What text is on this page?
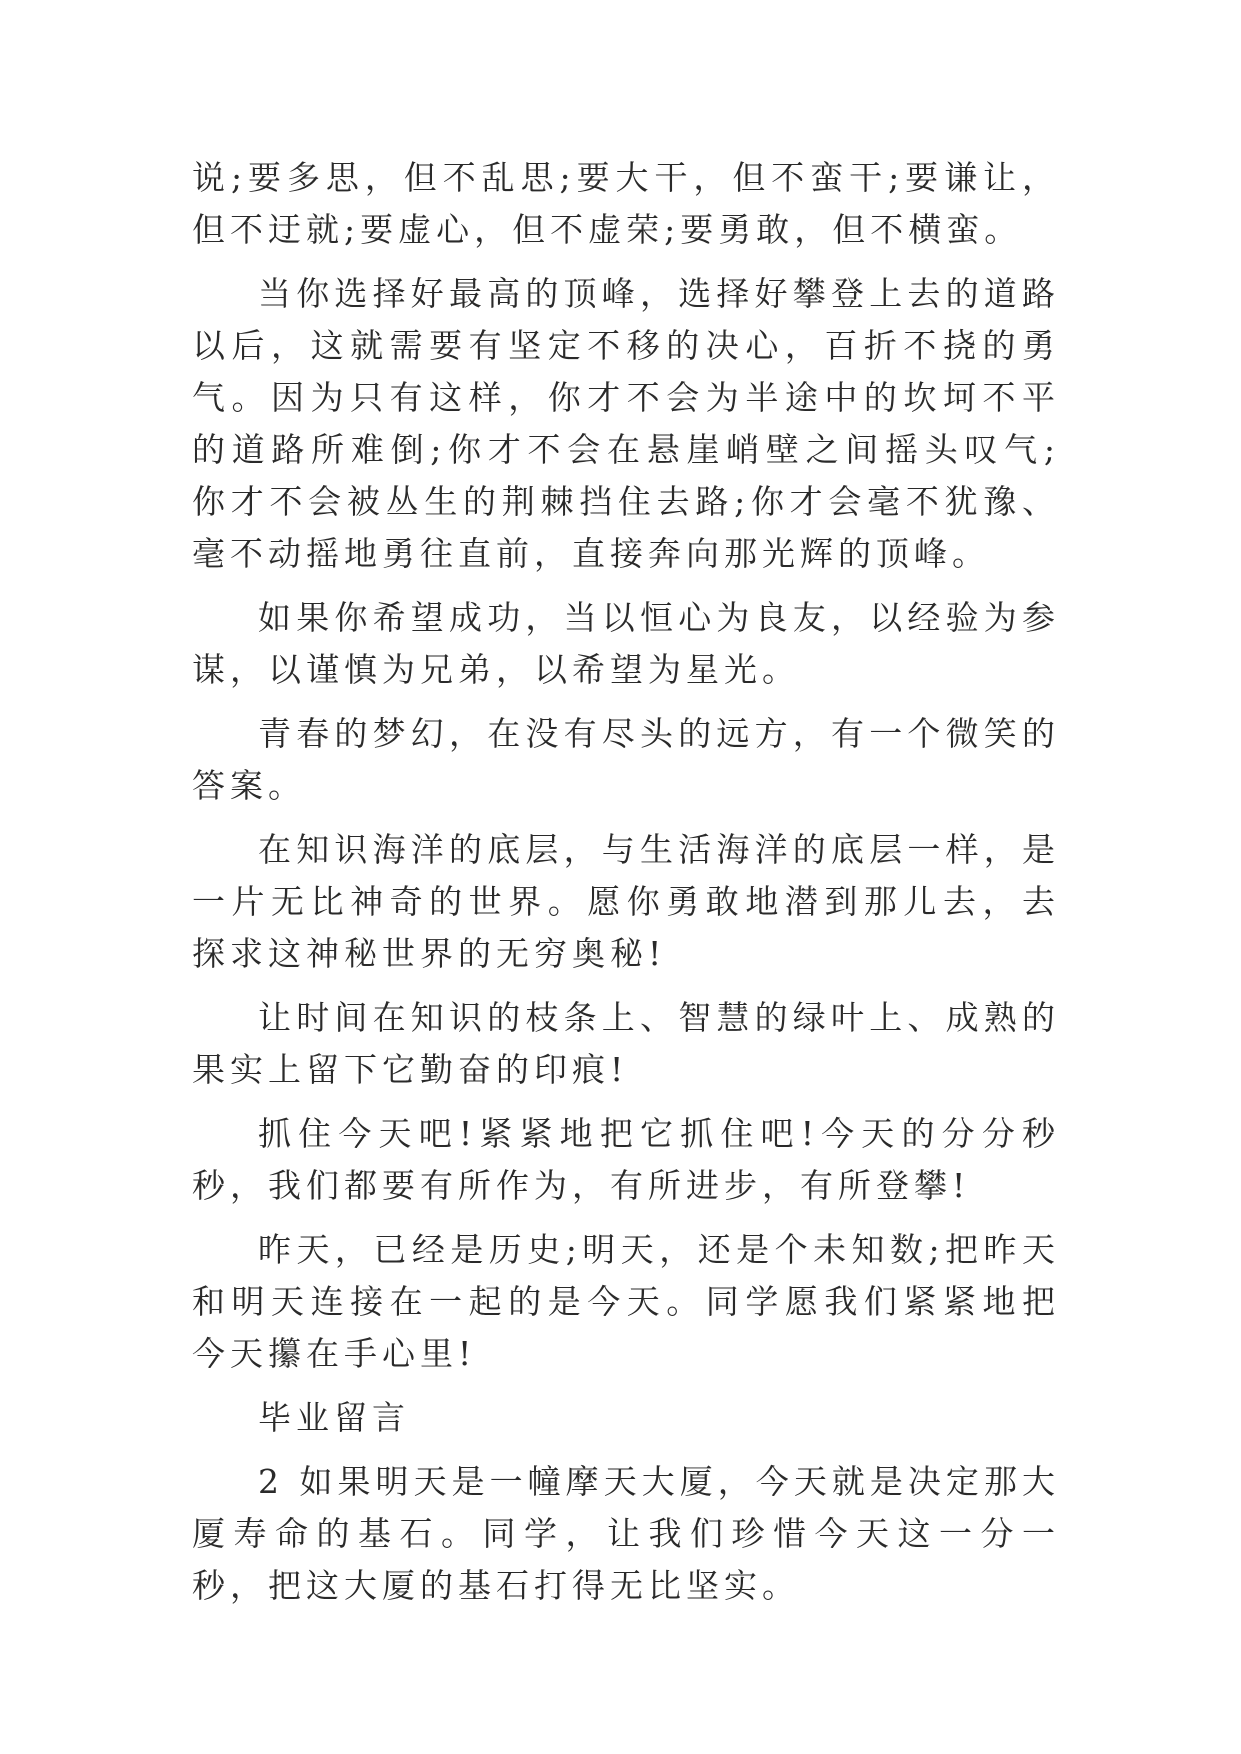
说;要多思，但不乱思;要大干，但不蛮干;要谦让，但不迂就;要虚心，但不虚荣;要勇敢，但不横蛮。

当你选择好最高的顶峰，选择好攀登上去的道路以后，这就需要有坚定不移的决心，百折不挠的勇气。因为只有这样，你才不会为半途中的坎坷不平的道路所难倒;你才不会在悬崖峭壁之间摇头叹气;你才不会被丛生的荆棘挡住去路;你才会毫不犹豫、毫不动摇地勇往直前，直接奔向那光辉的顶峰。

如果你希望成功，当以恒心为良友，以经验为参谋，以谨慎为兄弟，以希望为星光。

青春的梦幻，在没有尽头的远方，有一个微笑的答案。

在知识海洋的底层，与生活海洋的底层一样，是一片无比神奇的世界。愿你勇敢地潜到那儿去，去探求这神秘世界的无穷奥秘!

让时间在知识的枝条上、智慧的绿叶上、成熟的果实上留下它勤奋的印痕!

抓住今天吧!紧紧地把它抓住吧!今天的分分秒秒，我们都要有所作为，有所进步，有所登攀!

昨天，已经是历史;明天，还是个未知数;把昨天和明天连接在一起的是今天。同学愿我们紧紧地把今天攥在手心里!

毕业留言

2 如果明天是一幢摩天大厦，今天就是决定那大厦寿命的基石。同学，让我们珍惜今天这一分一秒，把这大厦的基石打得无比坚实。
